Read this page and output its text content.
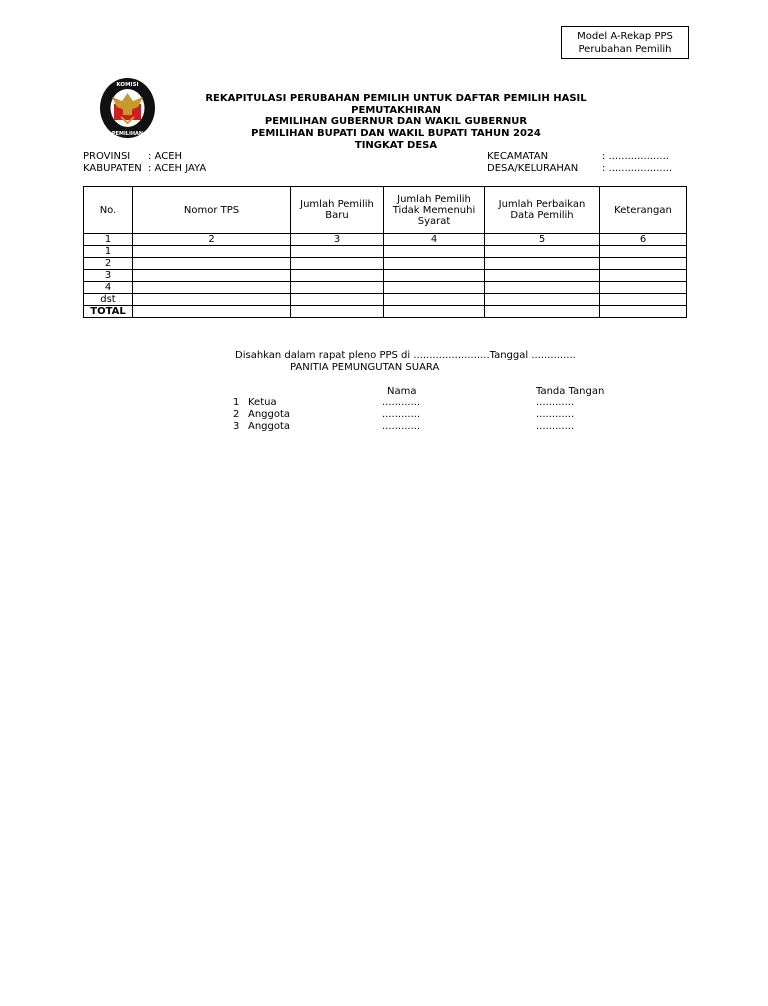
Model A-Rekap PPS
Perubahan Pemilih
KOMISI
PEMILIHAN
REKAPITULASI PERUBAHAN PEMILIH UNTUK DAFTAR PEMILIH HASIL PEMUTAKHIRAN
PEMILIHAN GUBERNUR DAN WAKIL GUBERNUR
PEMILIHAN BUPATI DAN WAKIL BUPATI TAHUN 2024
TINGKAT DESA
PROVINSI : ACEH
KABUPATEN : ACEH JAYA
KECAMATAN	: ...................
DESA/KELURAHAN : ....................
No.	Nomor TPS	Jumlah Pemilih Baru	Jumlah Pemilih Tidak Memenuhi Syarat	Jumlah Perbaikan Data Pemilih	Keterangan
1	2	3	4	5	6
1					
2					
3					
4					
dst					
TOTAL					
Disahkan dalam rapat pleno PPS di ........................Tanggal ..............
PANITIA PEMUNGUTAN SUARA
Nama	Tanda Tangan
1 Ketua	............	............
2 Anggota	............	............
3 Anggota	............	............
